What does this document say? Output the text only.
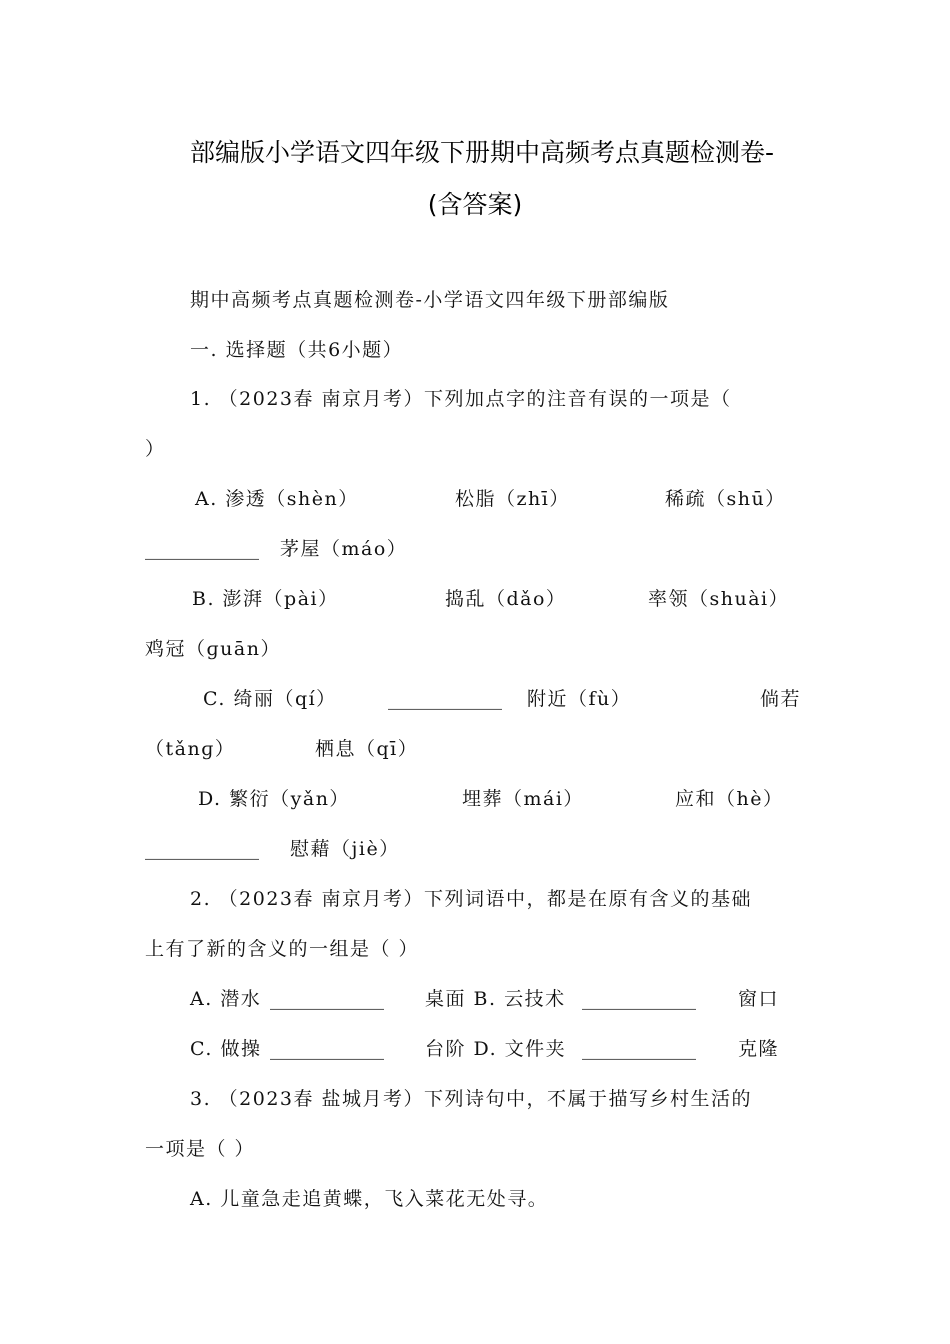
部编版小学语文四年级下册期中高频考点真题检测卷-
(含答案)
期中高频考点真题检测卷-小学语文四年级下册部编版
一. 选择题（共6小题）
1. （2023春 南京月考）下列加点字的注音有误的一项是（
）
A. 渗透（shèn）	松脂（zhī）	稀疏（shū）
____________ 茅屋（máo）
B. 澎湃（pài）	捣乱（dǎo）	率领（shuài）
鸡冠（ɡuān）
C. 绮丽（qí）	____________ 附近（fù）	倘若
（tǎnɡ）	栖息（qī）
D. 繁衍（yǎn）	埋葬（mái）	应和（hè）
____________ 慰藉（jiè）
2. （2023春 南京月考）下列词语中，都是在原有含义的基础
上有了新的含义的一组是（ ）
A. 潜水 ____________ 桌面 B. 云技术 ____________ 窗口
C. 做操 ____________ 台阶 D. 文件夹 ____________ 克隆
3. （2023春 盐城月考）下列诗句中，不属于描写乡村生活的
一项是（ ）
A. 儿童急走追黄蝶，飞入菜花无处寻。
